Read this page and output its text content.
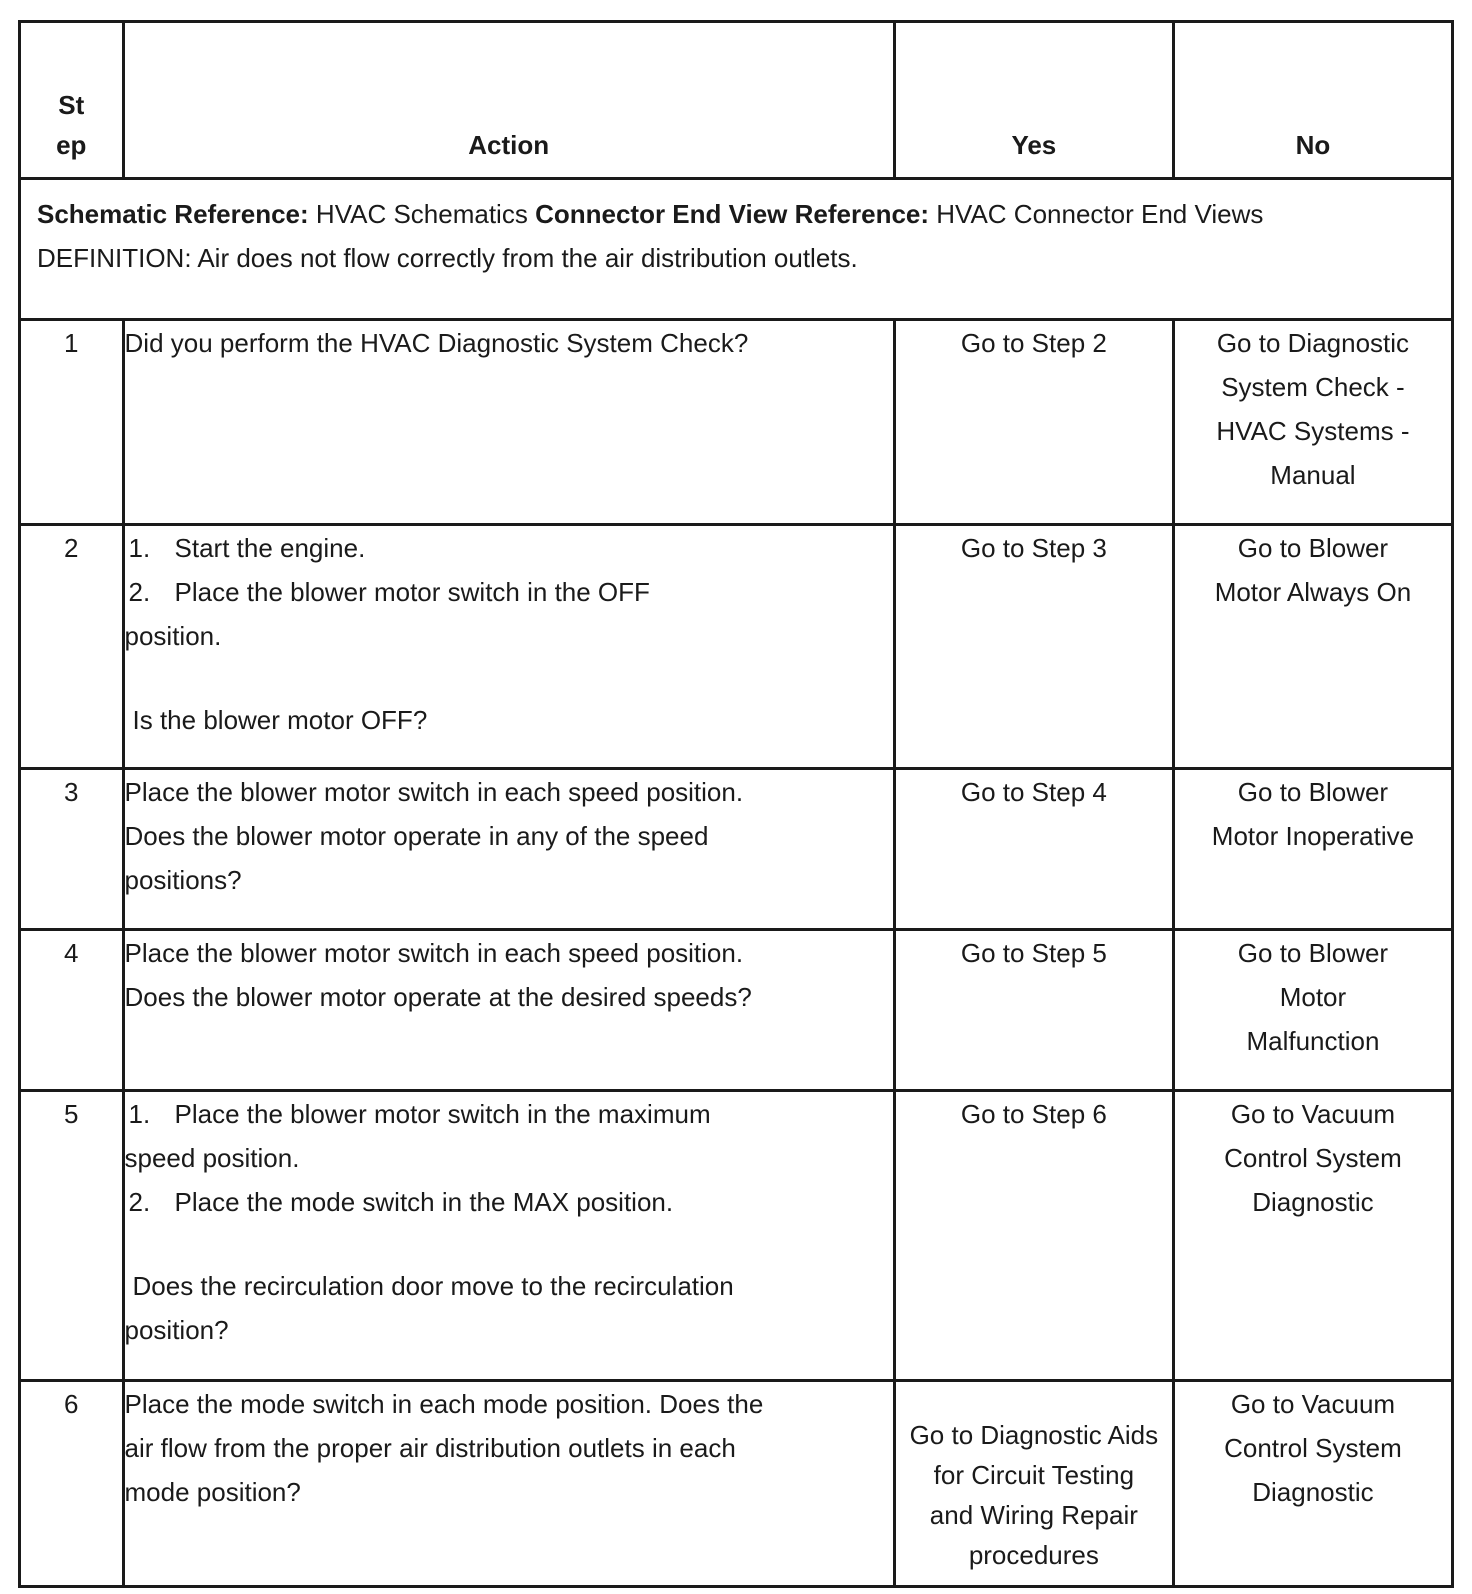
St
ep	Action	Yes	No

Schematic Reference: HVAC Schematics Connector End View Reference: HVAC Connector End Views
DEFINITION: Air does not flow correctly from the air distribution outlets.			

1	Did you perform the HVAC Diagnostic System Check?	Go to Step 2	Go to Diagnostic
System Check -
HVAC Systems -
Manual

2	1. Start the engine.
2. Place the blower motor switch in the OFF
position.
Is the blower motor OFF?	Go to Step 3	Go to Blower
Motor Always On

3	Place the blower motor switch in each speed position.
Does the blower motor operate in any of the speed
positions?	Go to Step 4	Go to Blower
Motor Inoperative

4	Place the blower motor switch in each speed position.
Does the blower motor operate at the desired speeds?	Go to Step 5	Go to Blower
Motor
Malfunction

5	1. Place the blower motor switch in the maximum
speed position.
2. Place the mode switch in the MAX position.
Does the recirculation door move to the recirculation
position?	Go to Step 6	Go to Vacuum
Control System
Diagnostic

6	Place the mode switch in each mode position. Does the
air flow from the proper air distribution outlets in each
mode position?	Go to Diagnostic Aids
for Circuit Testing
and Wiring Repair
procedures	Go to Vacuum
Control System
Diagnostic
